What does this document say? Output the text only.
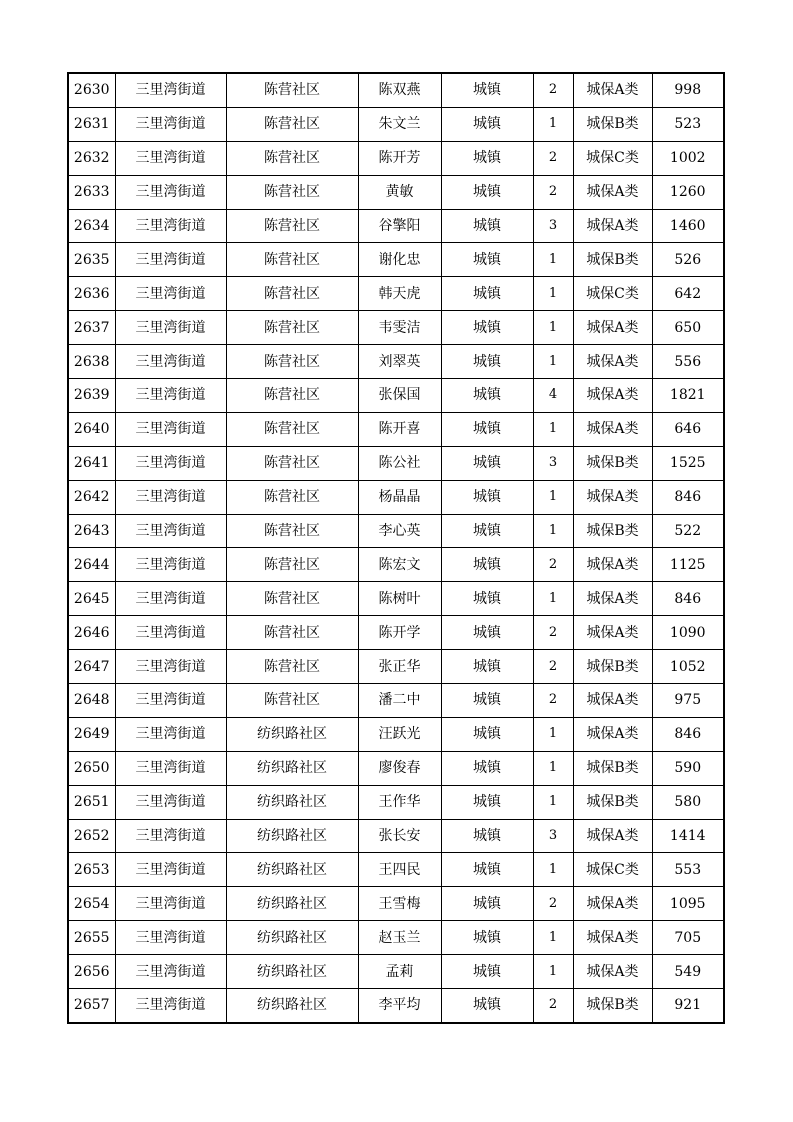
2630	三里湾街道	陈营社区	陈双燕	城镇	2	城保A类	998
2631	三里湾街道	陈营社区	朱文兰	城镇	1	城保B类	523
2632	三里湾街道	陈营社区	陈开芳	城镇	2	城保C类	1002
2633	三里湾街道	陈营社区	黄敏	城镇	2	城保A类	1260
2634	三里湾街道	陈营社区	谷擎阳	城镇	3	城保A类	1460
2635	三里湾街道	陈营社区	谢化忠	城镇	1	城保B类	526
2636	三里湾街道	陈营社区	韩天虎	城镇	1	城保C类	642
2637	三里湾街道	陈营社区	韦雯洁	城镇	1	城保A类	650
2638	三里湾街道	陈营社区	刘翠英	城镇	1	城保A类	556
2639	三里湾街道	陈营社区	张保国	城镇	4	城保A类	1821
2640	三里湾街道	陈营社区	陈开喜	城镇	1	城保A类	646
2641	三里湾街道	陈营社区	陈公社	城镇	3	城保B类	1525
2642	三里湾街道	陈营社区	杨晶晶	城镇	1	城保A类	846
2643	三里湾街道	陈营社区	李心英	城镇	1	城保B类	522
2644	三里湾街道	陈营社区	陈宏文	城镇	2	城保A类	1125
2645	三里湾街道	陈营社区	陈树叶	城镇	1	城保A类	846
2646	三里湾街道	陈营社区	陈开学	城镇	2	城保A类	1090
2647	三里湾街道	陈营社区	张正华	城镇	2	城保B类	1052
2648	三里湾街道	陈营社区	潘二中	城镇	2	城保A类	975
2649	三里湾街道	纺织路社区	汪跃光	城镇	1	城保A类	846
2650	三里湾街道	纺织路社区	廖俊春	城镇	1	城保B类	590
2651	三里湾街道	纺织路社区	王作华	城镇	1	城保B类	580
2652	三里湾街道	纺织路社区	张长安	城镇	3	城保A类	1414
2653	三里湾街道	纺织路社区	王四民	城镇	1	城保C类	553
2654	三里湾街道	纺织路社区	王雪梅	城镇	2	城保A类	1095
2655	三里湾街道	纺织路社区	赵玉兰	城镇	1	城保A类	705
2656	三里湾街道	纺织路社区	孟莉	城镇	1	城保A类	549
2657	三里湾街道	纺织路社区	李平均	城镇	2	城保B类	921
